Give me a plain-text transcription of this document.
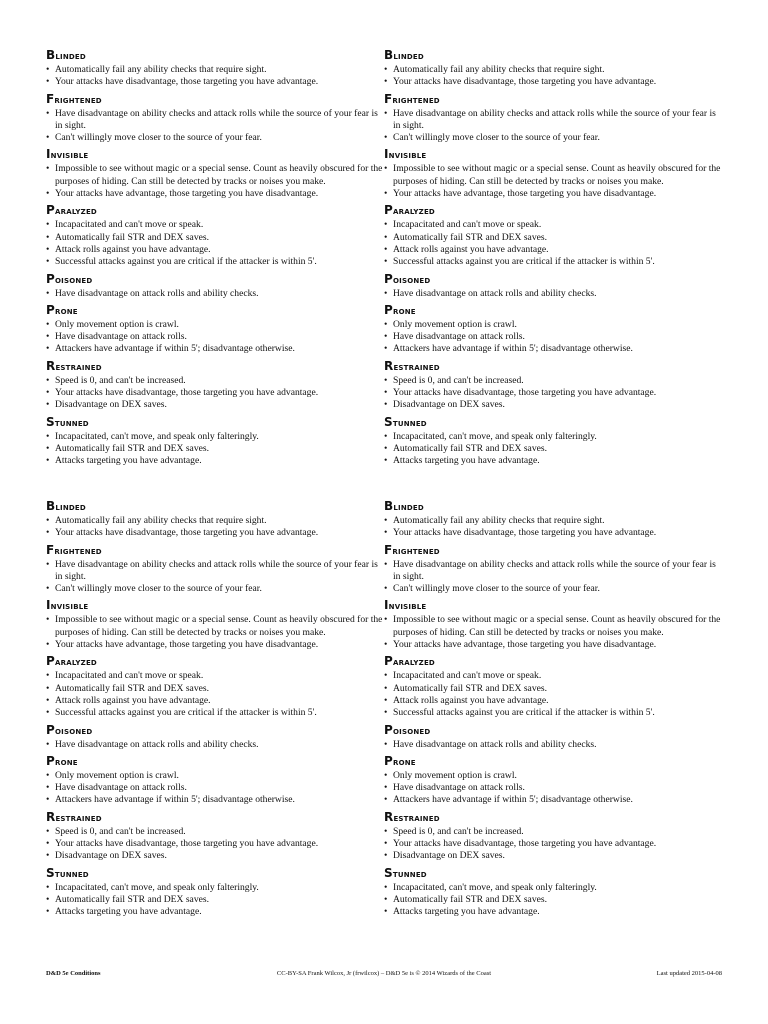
Blinded
• Automatically fail any ability checks that require sight.
• Your attacks have disadvantage, those targeting you have advantage.
Frightened
• Have disadvantage on ability checks and attack rolls while the source of your fear is in sight.
• Can't willingly move closer to the source of your fear.
Invisible
• Impossible to see without magic or a special sense. Count as heavily obscured for the purposes of hiding. Can still be detected by tracks or noises you make.
• Your attacks have advantage, those targeting you have disadvantage.
Paralyzed
• Incapacitated and can't move or speak.
• Automatically fail STR and DEX saves.
• Attack rolls against you have advantage.
• Successful attacks against you are critical if the attacker is within 5'.
Poisoned
• Have disadvantage on attack rolls and ability checks.
Prone
• Only movement option is crawl.
• Have disadvantage on attack rolls.
• Attackers have advantage if within 5'; disadvantage otherwise.
Restrained
• Speed is 0, and can't be increased.
• Your attacks have disadvantage, those targeting you have advantage.
• Disadvantage on DEX saves.
Stunned
• Incapacitated, can't move, and speak only falteringly.
• Automatically fail STR and DEX saves.
• Attacks targeting you have advantage.
Blinded
• Automatically fail any ability checks that require sight.
• Your attacks have disadvantage, those targeting you have advantage.
Frightened
• Have disadvantage on ability checks and attack rolls while the source of your fear is in sight.
• Can't willingly move closer to the source of your fear.
Invisible
• Impossible to see without magic or a special sense. Count as heavily obscured for the purposes of hiding. Can still be detected by tracks or noises you make.
• Your attacks have advantage, those targeting you have disadvantage.
Paralyzed
• Incapacitated and can't move or speak.
• Automatically fail STR and DEX saves.
• Attack rolls against you have advantage.
• Successful attacks against you are critical if the attacker is within 5'.
Poisoned
• Have disadvantage on attack rolls and ability checks.
Prone
• Only movement option is crawl.
• Have disadvantage on attack rolls.
• Attackers have advantage if within 5'; disadvantage otherwise.
Restrained
• Speed is 0, and can't be increased.
• Your attacks have disadvantage, those targeting you have advantage.
• Disadvantage on DEX saves.
Stunned
• Incapacitated, can't move, and speak only falteringly.
• Automatically fail STR and DEX saves.
• Attacks targeting you have advantage.
Blinded
• Automatically fail any ability checks that require sight.
• Your attacks have disadvantage, those targeting you have advantage.
Frightened
• Have disadvantage on ability checks and attack rolls while the source of your fear is in sight.
• Can't willingly move closer to the source of your fear.
Invisible
• Impossible to see without magic or a special sense. Count as heavily obscured for the purposes of hiding. Can still be detected by tracks or noises you make.
• Your attacks have advantage, those targeting you have disadvantage.
Paralyzed
• Incapacitated and can't move or speak.
• Automatically fail STR and DEX saves.
• Attack rolls against you have advantage.
• Successful attacks against you are critical if the attacker is within 5'.
Poisoned
• Have disadvantage on attack rolls and ability checks.
Prone
• Only movement option is crawl.
• Have disadvantage on attack rolls.
• Attackers have advantage if within 5'; disadvantage otherwise.
Restrained
• Speed is 0, and can't be increased.
• Your attacks have disadvantage, those targeting you have advantage.
• Disadvantage on DEX saves.
Stunned
• Incapacitated, can't move, and speak only falteringly.
• Automatically fail STR and DEX saves.
• Attacks targeting you have advantage.
Blinded
• Automatically fail any ability checks that require sight.
• Your attacks have disadvantage, those targeting you have advantage.
Frightened
• Have disadvantage on ability checks and attack rolls while the source of your fear is in sight.
• Can't willingly move closer to the source of your fear.
Invisible
• Impossible to see without magic or a special sense. Count as heavily obscured for the purposes of hiding. Can still be detected by tracks or noises you make.
• Your attacks have advantage, those targeting you have disadvantage.
Paralyzed
• Incapacitated and can't move or speak.
• Automatically fail STR and DEX saves.
• Attack rolls against you have advantage.
• Successful attacks against you are critical if the attacker is within 5'.
Poisoned
• Have disadvantage on attack rolls and ability checks.
Prone
• Only movement option is crawl.
• Have disadvantage on attack rolls.
• Attackers have advantage if within 5'; disadvantage otherwise.
Restrained
• Speed is 0, and can't be increased.
• Your attacks have disadvantage, those targeting you have advantage.
• Disadvantage on DEX saves.
Stunned
• Incapacitated, can't move, and speak only falteringly.
• Automatically fail STR and DEX saves.
• Attacks targeting you have advantage.
D&D 5e Conditions	CC-BY-SA Frank Wilcox, Jr (frwilcox) – D&D 5e is © 2014 Wizards of the Coast	Last updated 2015-04-08
